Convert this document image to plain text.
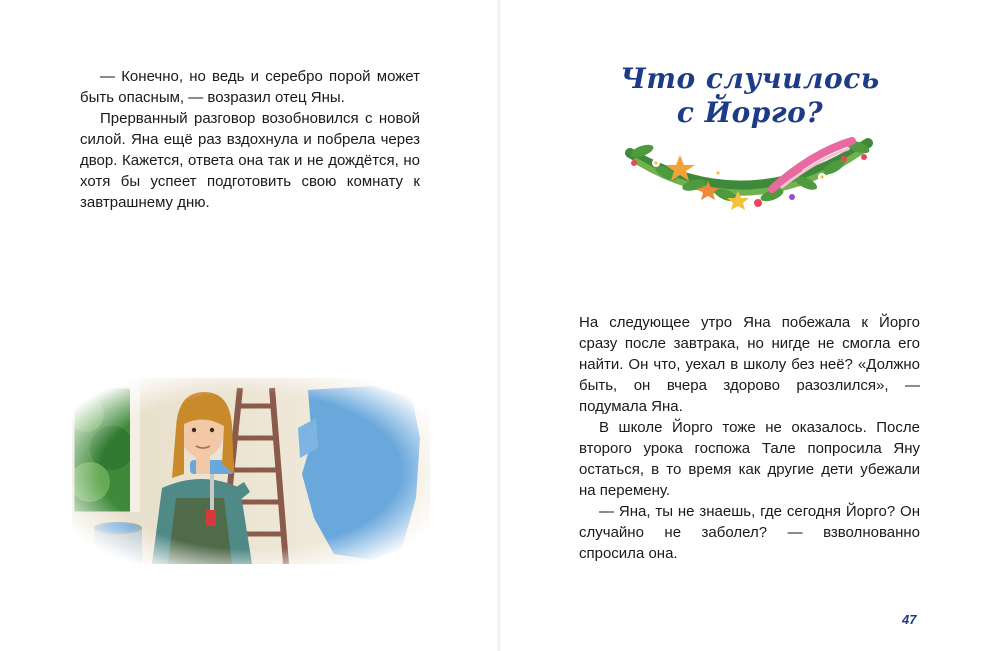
— Конечно, но ведь и серебро порой может быть опасным, — возразил отец Яны.

Прерванный разговор возобновился с новой силой. Яна ещё раз вздохнула и побрела через двор. Кажется, ответа она так и не дождётся, но хотя бы успеет подготовить свою комнату к завтрашнему дню.

Что случилось
с Йорго?

На следующее утро Яна побежала к Йорго сразу после завтрака, но нигде не смогла его найти. Он что, уехал в школу без неё? «Должно быть, он вчера здорово разозлился», — подумала Яна.

В школе Йорго тоже не оказалось. После второго урока госпожа Тале попросила Яну остаться, в то время как другие дети убежали на перемену.

— Яна, ты не знаешь, где сегодня Йорго? Он случайно не заболел? — взволнованно спросила она.

47
